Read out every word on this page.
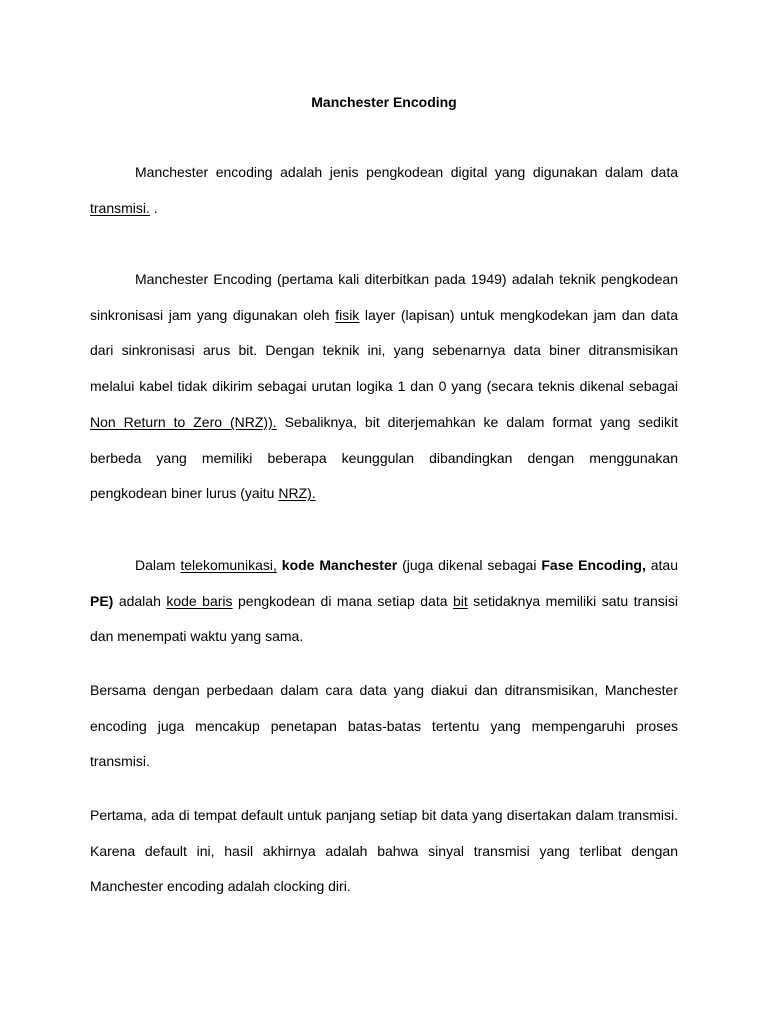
Manchester Encoding

Manchester encoding adalah jenis pengkodean digital yang digunakan dalam data transmisi. .

Manchester Encoding (pertama kali diterbitkan pada 1949) adalah teknik pengkodean sinkronisasi jam yang digunakan oleh fisik layer (lapisan) untuk mengkodekan jam dan data dari sinkronisasi arus bit. Dengan teknik ini, yang sebenarnya data biner ditransmisikan melalui kabel tidak dikirim sebagai urutan logika 1 dan 0 yang (secara teknis dikenal sebagai Non Return to Zero (NRZ)). Sebaliknya, bit diterjemahkan ke dalam format yang sedikit berbeda yang memiliki beberapa keunggulan dibandingkan dengan menggunakan pengkodean biner lurus (yaitu NRZ).

Dalam telekomunikasi, kode Manchester (juga dikenal sebagai Fase Encoding, atau PE) adalah kode baris pengkodean di mana setiap data bit setidaknya memiliki satu transisi dan menempati waktu yang sama.

Bersama dengan perbedaan dalam cara data yang diakui dan ditransmisikan, Manchester encoding juga mencakup penetapan batas-batas tertentu yang mempengaruhi proses transmisi.

Pertama, ada di tempat default untuk panjang setiap bit data yang disertakan dalam transmisi. Karena default ini, hasil akhirnya adalah bahwa sinyal transmisi yang terlibat dengan Manchester encoding adalah clocking diri.
